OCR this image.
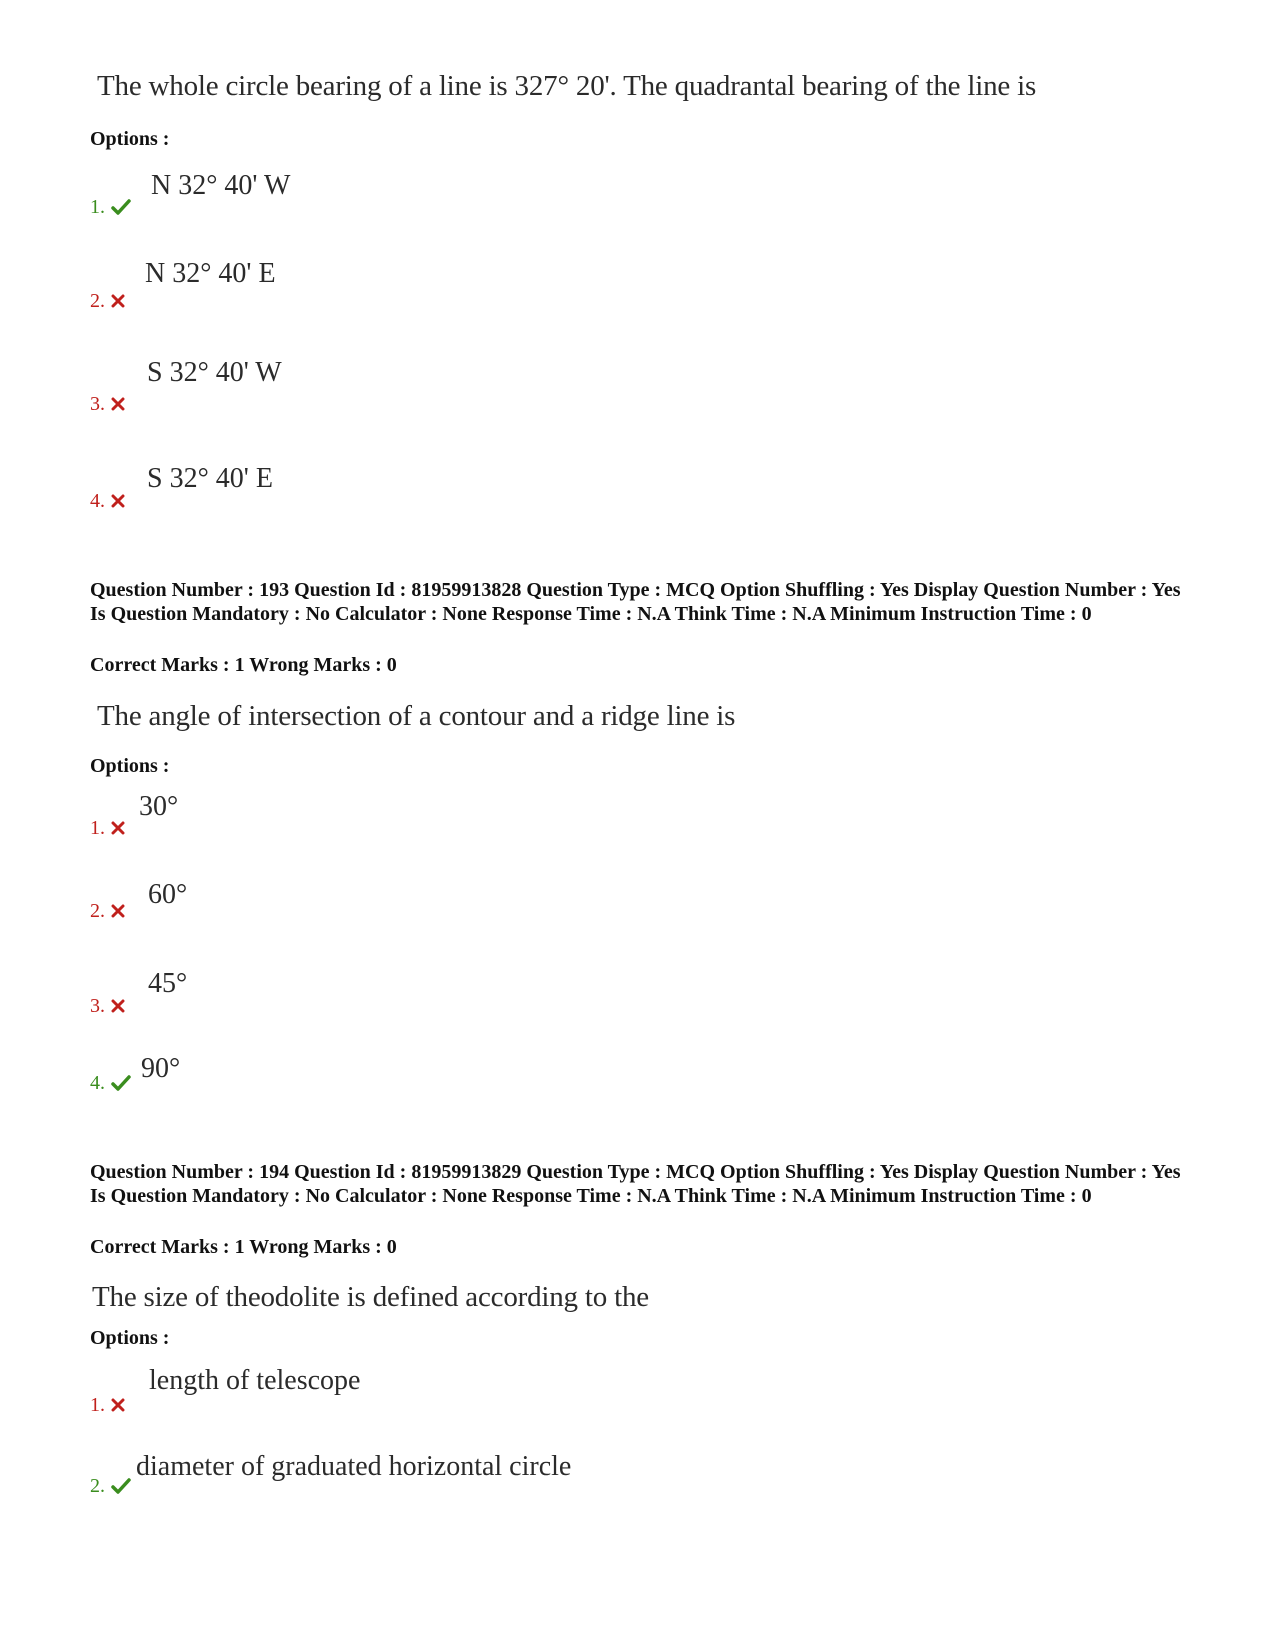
The whole circle bearing of a line is 327° 20'. The quadrantal bearing of the line is
Options :
1.
N 32° 40' W
2.
N 32° 40' E
3.
S 32° 40' W
4.
S 32° 40' E
Question Number : 193 Question Id : 81959913828 Question Type : MCQ Option Shuffling : Yes Display Question Number : Yes Is Question Mandatory : No Calculator : None Response Time : N.A Think Time : N.A Minimum Instruction Time : 0
Correct Marks : 1 Wrong Marks : 0
The angle of intersection of a contour and a ridge line is
Options :
1.
30°
2.
60°
3.
45°
4.	90°
Question Number : 194 Question Id : 81959913829 Question Type : MCQ Option Shuffling : Yes Display Question Number : Yes Is Question Mandatory : No Calculator : None Response Time : N.A Think Time : N.A Minimum Instruction Time : 0
Correct Marks : 1 Wrong Marks : 0
The size of theodolite is defined according to the
Options :
1.
length of telescope
2.
diameter of graduated horizontal circle
